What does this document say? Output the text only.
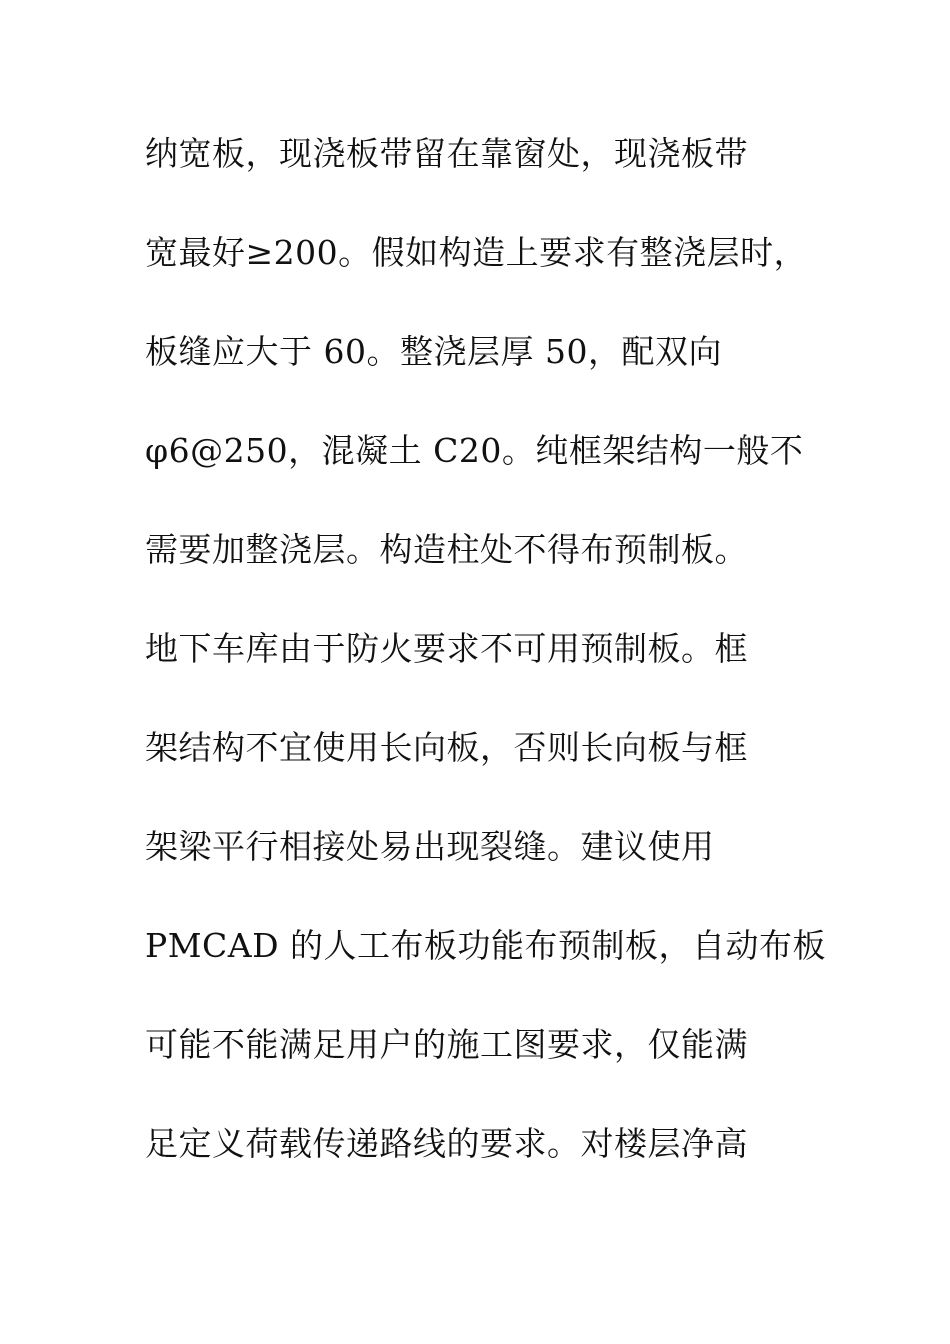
纳宽板，现浇板带留在靠窗处，现浇板带
宽最好≥200。假如构造上要求有整浇层时，
板缝应大于 60。整浇层厚 50，配双向
φ6@250，混凝土 C20。纯框架结构一般不
需要加整浇层。构造柱处不得布预制板。
地下车库由于防火要求不可用预制板。框
架结构不宜使用长向板，否则长向板与框
架梁平行相接处易出现裂缝。建议使用
PMCAD 的人工布板功能布预制板，自动布板
可能不能满足用户的施工图要求，仅能满
足定义荷载传递路线的要求。对楼层净高
